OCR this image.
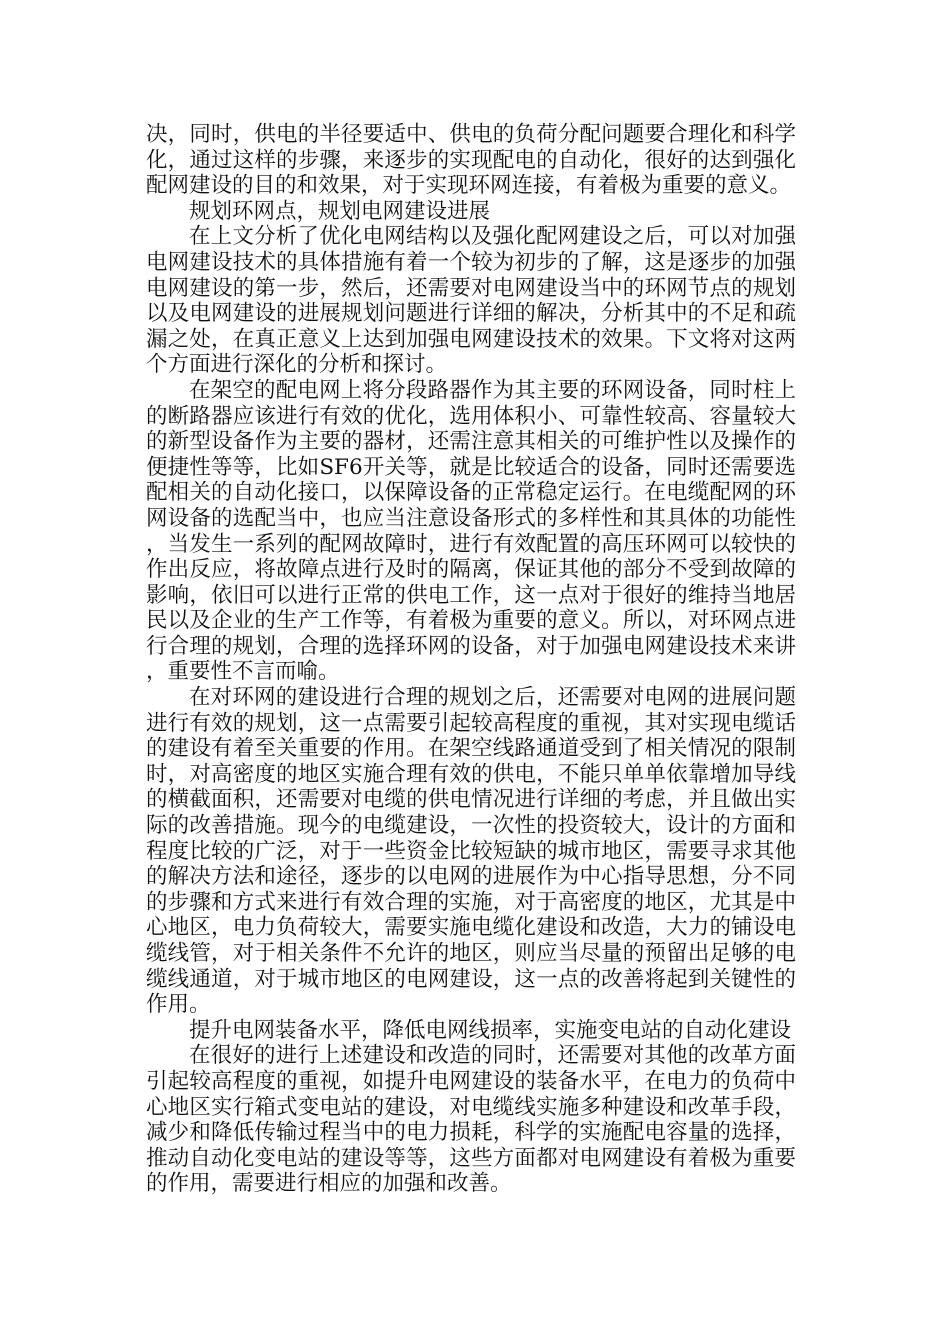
决，同时，供电的半径要适中、供电的负荷分配问题要合理化和科学化，通过这样的步骤，来逐步的实现配电的自动化，很好的达到强化配网建设的目的和效果，对于实现环网连接，有着极为重要的意义。

规划环网点，规划电网建设进展

在上文分析了优化电网结构以及强化配网建设之后，可以对加强电网建设技术的具体措施有着一个较为初步的了解，这是逐步的加强电网建设的第一步，然后，还需要对电网建设当中的环网节点的规划以及电网建设的进展规划问题进行详细的解决，分析其中的不足和疏漏之处，在真正意义上达到加强电网建设技术的效果。下文将对这两个方面进行深化的分析和探讨。

在架空的配电网上将分段路器作为其主要的环网设备，同时柱上的断路器应该进行有效的优化，选用体积小、可靠性较高、容量较大的新型设备作为主要的器材，还需注意其相关的可维护性以及操作的便捷性等等，比如SF6开关等，就是比较适合的设备，同时还需要选配相关的自动化接口，以保障设备的正常稳定运行。在电缆配网的环网设备的选配当中，也应当注意设备形式的多样性和其具体的功能性，当发生一系列的配网故障时，进行有效配置的高压环网可以较快的作出反应，将故障点进行及时的隔离，保证其他的部分不受到故障的影响，依旧可以进行正常的供电工作，这一点对于很好的维持当地居民以及企业的生产工作等，有着极为重要的意义。所以，对环网点进行合理的规划，合理的选择环网的设备，对于加强电网建设技术来讲，重要性不言而喻。

在对环网的建设进行合理的规划之后，还需要对电网的进展问题进行有效的规划，这一点需要引起较高程度的重视，其对实现电缆话的建设有着至关重要的作用。在架空线路通道受到了相关情况的限制时，对高密度的地区实施合理有效的供电，不能只单单依靠增加导线的横截面积，还需要对电缆的供电情况进行详细的考虑，并且做出实际的改善措施。现今的电缆建设，一次性的投资较大，设计的方面和程度比较的广泛，对于一些资金比较短缺的城市地区，需要寻求其他的解决方法和途径，逐步的以电网的进展作为中心指导思想，分不同的步骤和方式来进行有效合理的实施，对于高密度的地区，尤其是中心地区，电力负荷较大，需要实施电缆化建设和改造，大力的铺设电缆线管，对于相关条件不允许的地区，则应当尽量的预留出足够的电缆线通道，对于城市地区的电网建设，这一点的改善将起到关键性的作用。

提升电网装备水平，降低电网线损率，实施变电站的自动化建设

在很好的进行上述建设和改造的同时，还需要对其他的改革方面引起较高程度的重视，如提升电网建设的装备水平，在电力的负荷中心地区实行箱式变电站的建设，对电缆线实施多种建设和改革手段，减少和降低传输过程当中的电力损耗，科学的实施配电容量的选择，推动自动化变电站的建设等等，这些方面都对电网建设有着极为重要的作用，需要进行相应的加强和改善。
